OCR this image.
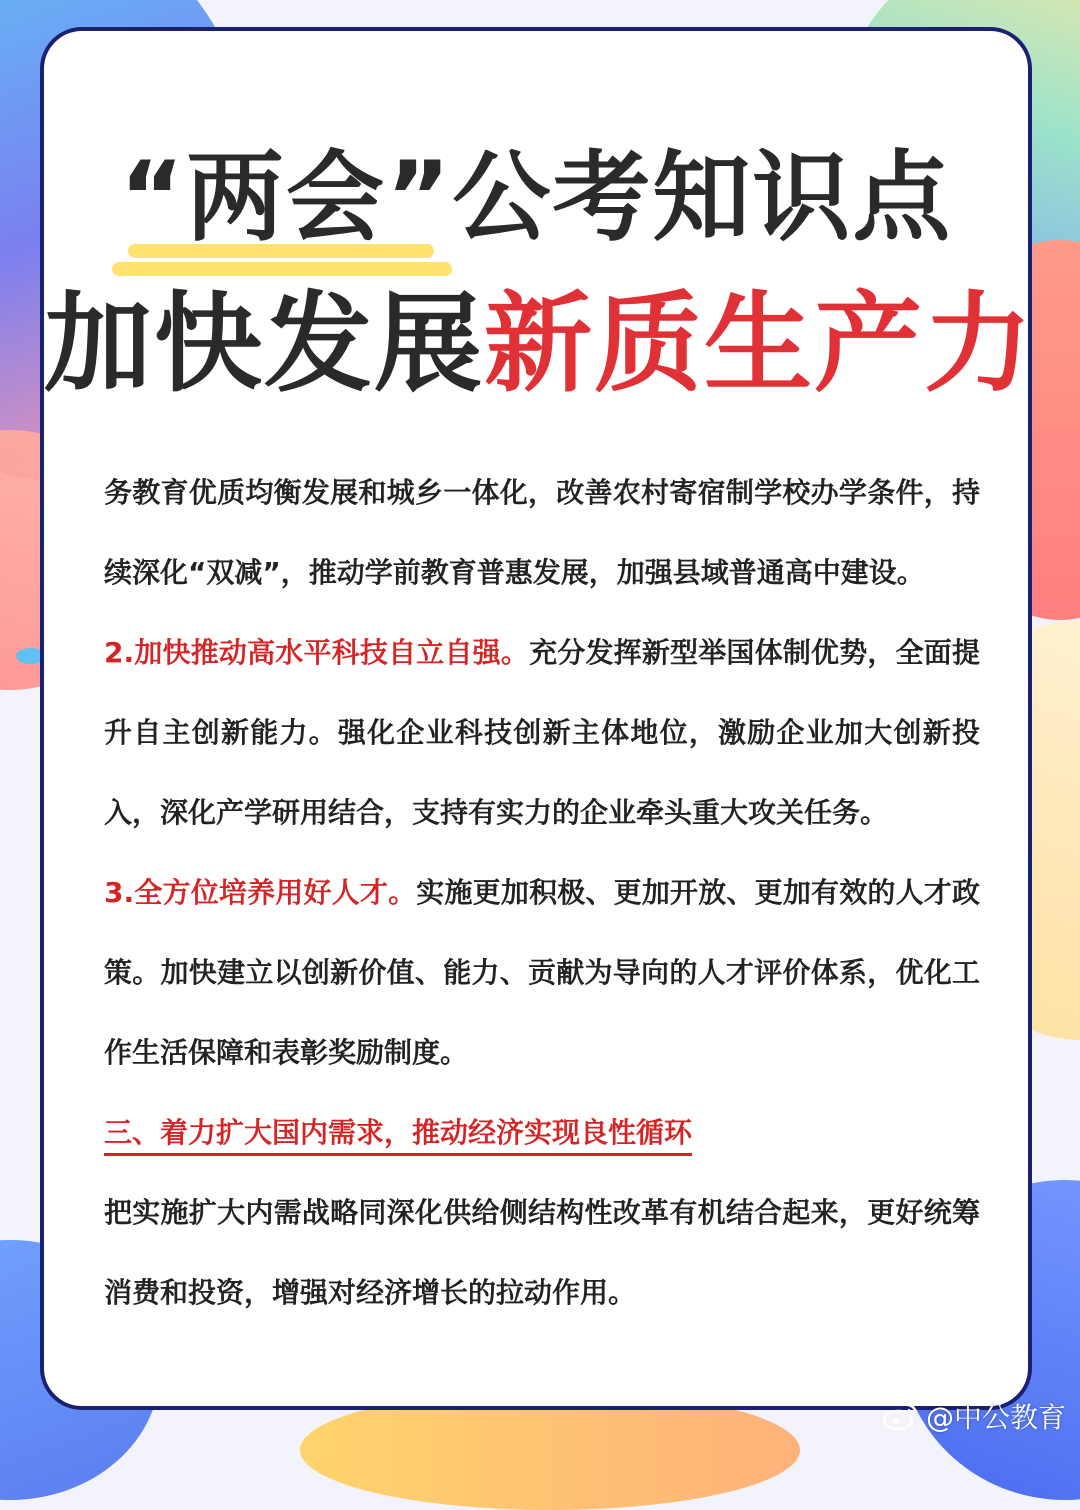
“两会”公考知识点
加快发展新质生产力

务教育优质均衡发展和城乡一体化，改善农村寄宿制学校办学条件，持续深化“双减”，推动学前教育普惠发展，加强县域普通高中建设。

2.加快推动高水平科技自立自强。充分发挥新型举国体制优势，全面提升自主创新能力。强化企业科技创新主体地位，激励企业加大创新投入，深化产学研用结合，支持有实力的企业牵头重大攻关任务。

3.全方位培养用好人才。实施更加积极、更加开放、更加有效的人才政策。加快建立以创新价值、能力、贡献为导向的人才评价体系，优化工作生活保障和表彰奖励制度。

三、着力扩大国内需求，推动经济实现良性循环

把实施扩大内需战略同深化供给侧结构性改革有机结合起来，更好统筹消费和投资，增强对经济增长的拉动作用。

@中公教育
